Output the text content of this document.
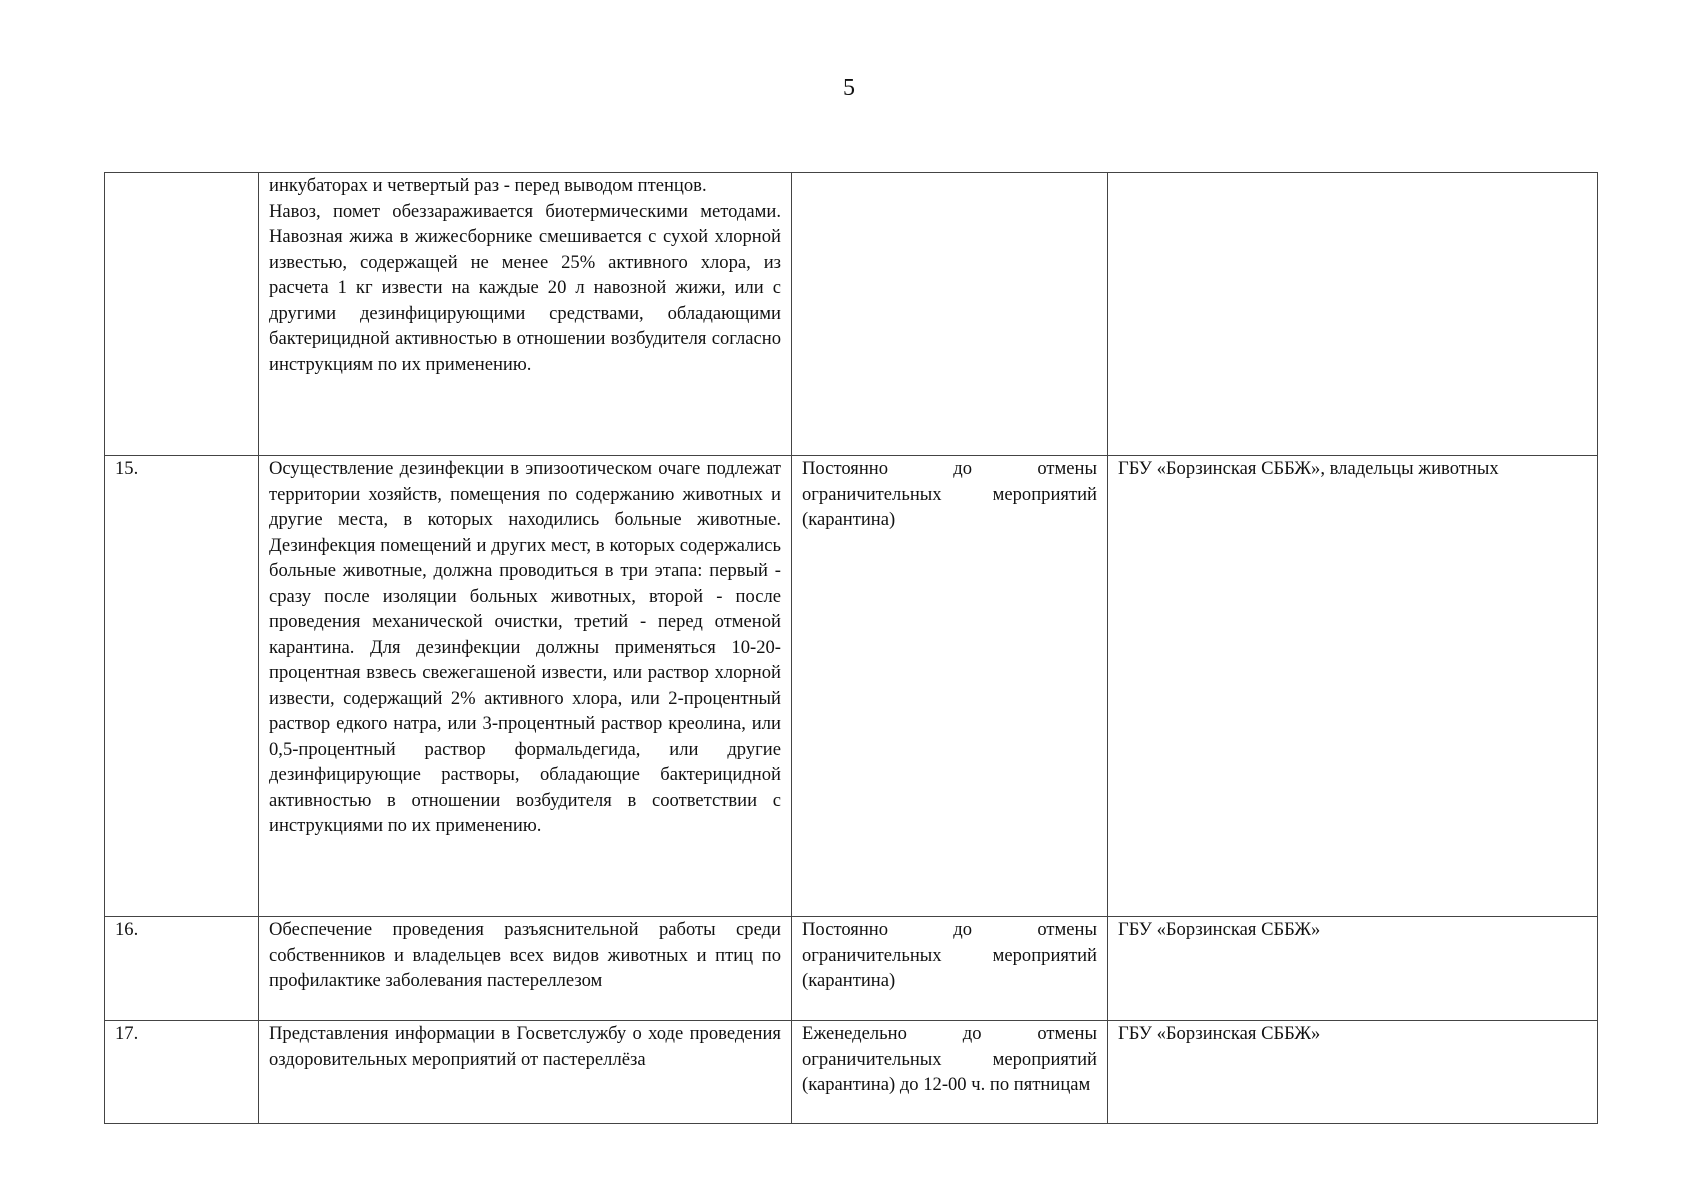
5
	инкубаторах и четвертый раз - перед выводом птенцов.
Навоз, помет обеззараживается биотермическими методами. Навозная жижа в жижесборнике смешивается с сухой хлорной известью, содержащей не менее 25% активного хлора, из расчета 1 кг извести на каждые 20 л навозной жижи, или с другими дезинфицирующими средствами, обладающими бактерицидной активностью в отношении возбудителя согласно инструкциям по их применению.		
15.	Осуществление дезинфекции в эпизоотическом очаге подлежат территории хозяйств, помещения по содержанию животных и другие места, в которых находились больные животные. Дезинфекция помещений и других мест, в которых содержались больные животные, должна проводиться в три этапа: первый - сразу после изоляции больных животных, второй - после проведения механической очистки, третий - перед отменой карантина. Для дезинфекции должны применяться 10-20-процентная взвесь свежегашеной извести, или раствор хлорной извести, содержащий 2% активного хлора, или 2-процентный раствор едкого натра, или 3-процентный раствор креолина, или 0,5-процентный раствор формальдегида, или другие дезинфицирующие растворы, обладающие бактерицидной активностью в отношении возбудителя в соответствии с инструкциями по их применению.	Постоянно до отмены ограничительных мероприятий (карантина)	ГБУ «Борзинская СББЖ», владельцы животных
16.	Обеспечение проведения разъяснительной работы среди собственников и владельцев всех видов животных и птиц по профилактике заболевания пастереллезом	Постоянно до отмены ограничительных мероприятий (карантина)	ГБУ «Борзинская СББЖ»
17.	Представления информации в Госветслужбу о ходе проведения оздоровительных мероприятий от пастереллёза	Еженедельно до отмены ограничительных мероприятий (карантина) до 12-00 ч. по пятницам	ГБУ «Борзинская СББЖ»
